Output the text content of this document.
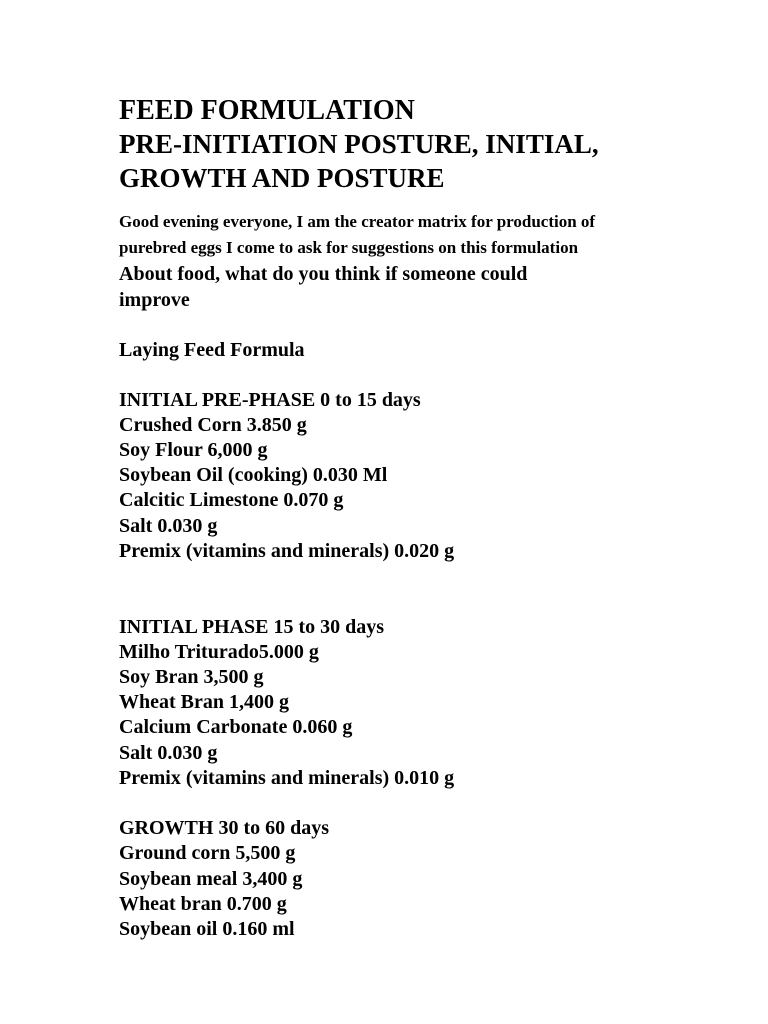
FEED FORMULATION
PRE-INITIATION POSTURE, INITIAL,
GROWTH AND POSTURE
Good evening everyone, I am the creator matrix for production of
purebred eggs I come to ask for suggestions on this formulation
About food, what do you think if someone could
improve
Laying Feed Formula
INITIAL PRE-PHASE 0 to 15 days
Crushed Corn 3.850 g
Soy Flour 6,000 g
Soybean Oil (cooking) 0.030 Ml
Calcitic Limestone 0.070 g
Salt 0.030 g
Premix (vitamins and minerals) 0.020 g
INITIAL PHASE 15 to 30 days
Milho Triturado5.000 g
Soy Bran 3,500 g
Wheat Bran 1,400 g
Calcium Carbonate 0.060 g
Salt 0.030 g
Premix (vitamins and minerals) 0.010 g
GROWTH 30 to 60 days
Ground corn 5,500 g
Soybean meal 3,400 g
Wheat bran 0.700 g
Soybean oil 0.160 ml
